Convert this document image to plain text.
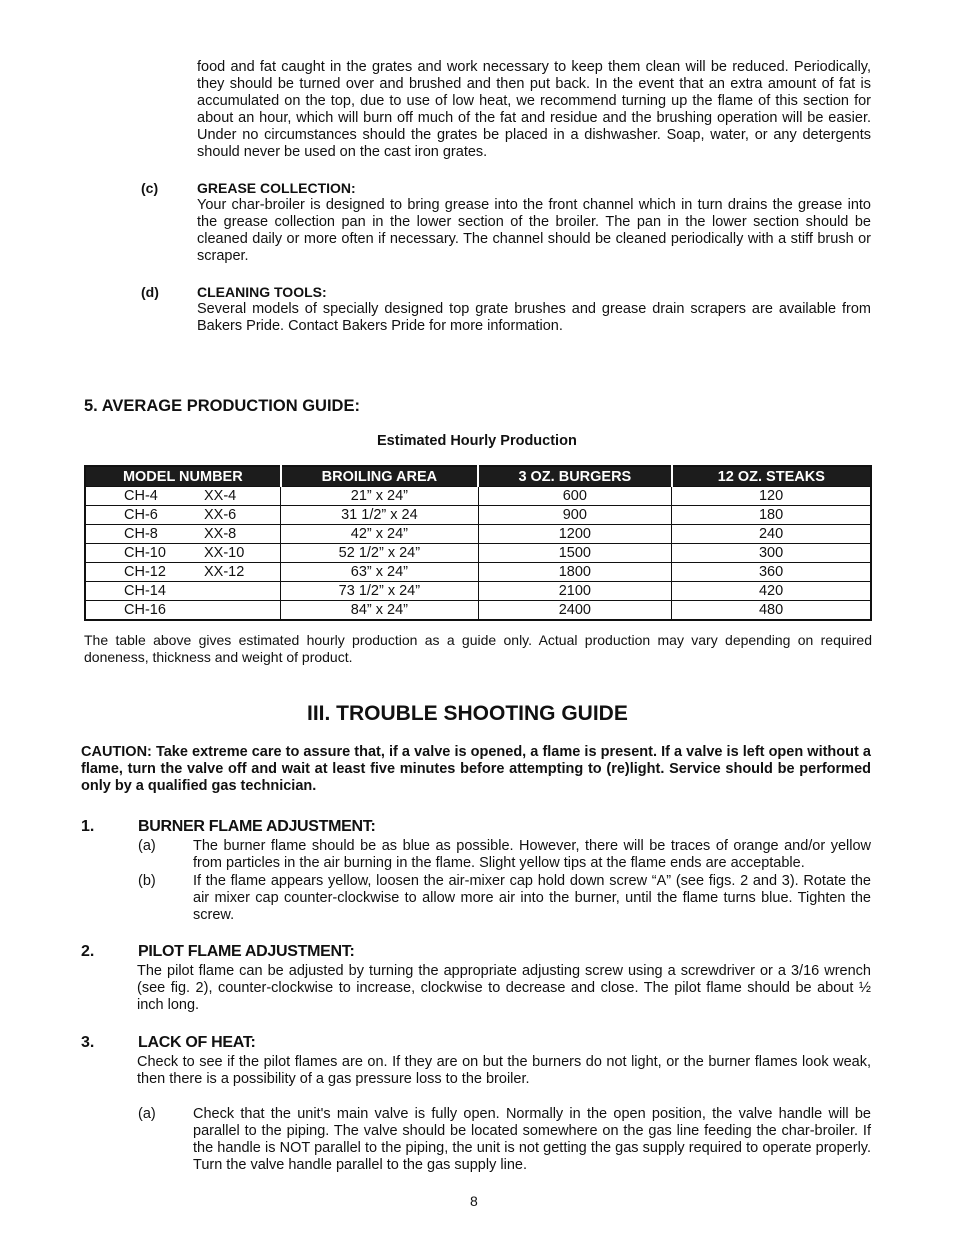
food and fat caught in the grates and work necessary to keep them clean will be reduced. Periodically, they should be turned over and brushed and then put back. In the event that an extra amount of fat is accumulated on the top, due to use of low heat, we recommend turning up the flame of this section for about an hour, which will burn off much of the fat and residue and the brushing operation will be easier. Under no circumstances should the grates be placed in a dishwasher. Soap, water, or any detergents should never be used on the cast iron grates.
(c)	GREASE COLLECTION:
Your char-broiler is designed to bring grease into the front channel which in turn drains the grease into the grease collection pan in the lower section of the broiler. The pan in the lower section should be cleaned daily or more often if necessary. The channel should be cleaned periodically with a stiff brush or scraper.
(d)	CLEANING TOOLS:
Several models of specially designed top grate brushes and grease drain scrapers are available from Bakers Pride. Contact Bakers Pride for more information.
5. AVERAGE PRODUCTION GUIDE:
Estimated Hourly Production
MODEL NUMBER	BROILING AREA	3 OZ. BURGERS	12 OZ. STEAKS
CH-4 XX-4	21” x 24”	600	120
CH-6 XX-6	31 1/2” x 24	900	180
CH-8 XX-8	42” x 24”	1200	240
CH-10 XX-10	52 1/2” x 24”	1500	300
CH-12 XX-12	63” x 24”	1800	360
CH-14	73 1/2” x 24”	2100	420
CH-16	84” x 24”	2400	480
The table above gives estimated hourly production as a guide only. Actual production may vary depending on required doneness, thickness and weight of product.
III. TROUBLE SHOOTING GUIDE
CAUTION: Take extreme care to assure that, if a valve is opened, a flame is present. If a valve is left open without a flame, turn the valve off and wait at least five minutes before attempting to (re)light. Service should be performed only by a qualified gas technician.
1.	BURNER FLAME ADJUSTMENT:
(a)	The burner flame should be as blue as possible. However, there will be traces of orange and/or yellow from particles in the air burning in the flame. Slight yellow tips at the flame ends are acceptable.
(b)	If the flame appears yellow, loosen the air-mixer cap hold down screw “A” (see figs. 2 and 3). Rotate the air mixer cap counter-clockwise to allow more air into the burner, until the flame turns blue. Tighten the screw.
2.	PILOT FLAME ADJUSTMENT:
The pilot flame can be adjusted by turning the appropriate adjusting screw using a screwdriver or a 3/16 wrench (see fig. 2), counter-clockwise to increase, clockwise to decrease and close. The pilot flame should be about ½ inch long.
3.	LACK OF HEAT:
Check to see if the pilot flames are on. If they are on but the burners do not light, or the burner flames look weak, then there is a possibility of a gas pressure loss to the broiler.
(a)	Check that the unit's main valve is fully open. Normally in the open position, the valve handle will be parallel to the piping. The valve should be located somewhere on the gas line feeding the char-broiler. If the handle is NOT parallel to the piping, the unit is not getting the gas supply required to operate properly. Turn the valve handle parallel to the gas supply line.
8
